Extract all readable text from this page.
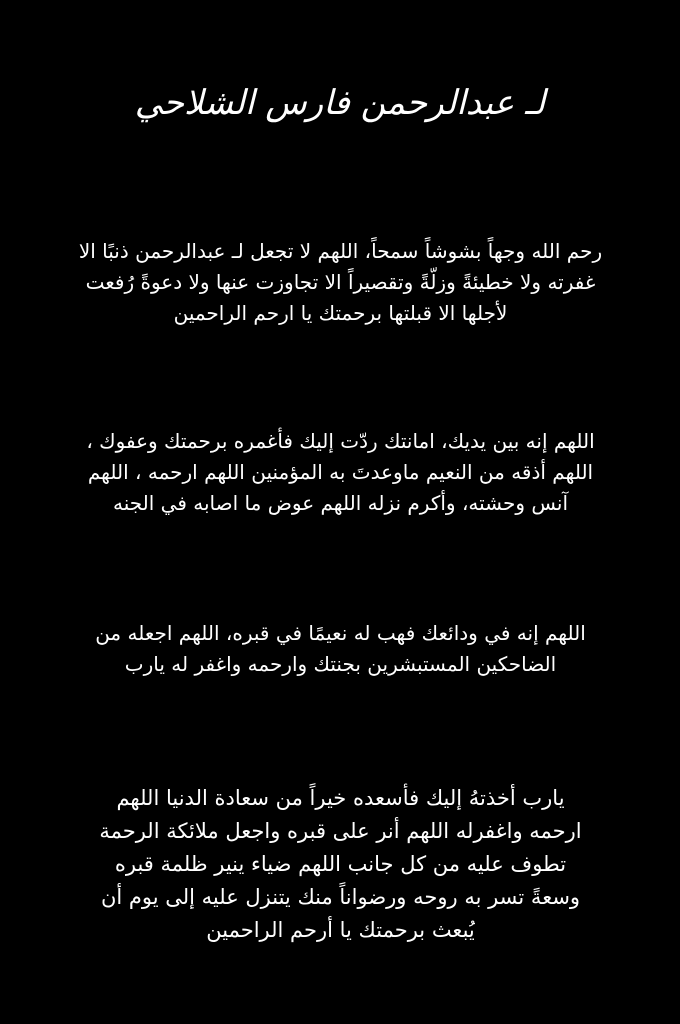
لـ عبدالرحمن فارس الشلاحي
رحم الله وجهاً بشوشاً سمحاً، اللهم لا تجعل لـ عبدالرحمن ذنبًا الا
غفرته ولا خطيئةً وزلّةً وتقصيراً الا تجاوزت عنها ولا دعوةً رُفعت
لأجلها الا قبلتها برحمتك يا ارحم الراحمين
اللهم إنه بين يديك، امانتك ردّت إليك فأغمره برحمتك وعفوك ،
اللهم أذقه من النعيم ماوعدتَ به المؤمنين اللهم ارحمه ، اللهم
آنس وحشته، وأكرم نزله اللهم عوض ما اصابه في الجنه
اللهم إنه في ودائعك فهب له نعيمًا في قبره، اللهم اجعله من
الضاحكين المستبشرين بجنتك وارحمه واغفر له يارب
يارب أخذتهُ إليك فأسعده خيراً من سعادة الدنيا اللهم
ارحمه واغفرله اللهم أنر على قبره واجعل ملائكة الرحمة
تطوف عليه من كل جانب اللهم ضياء ينير ظلمة قبره
وسعةً تسر به روحه ورضواناً منك يتنزل عليه إلى يوم أن
يُبعث برحمتك يا أرحم الراحمين
